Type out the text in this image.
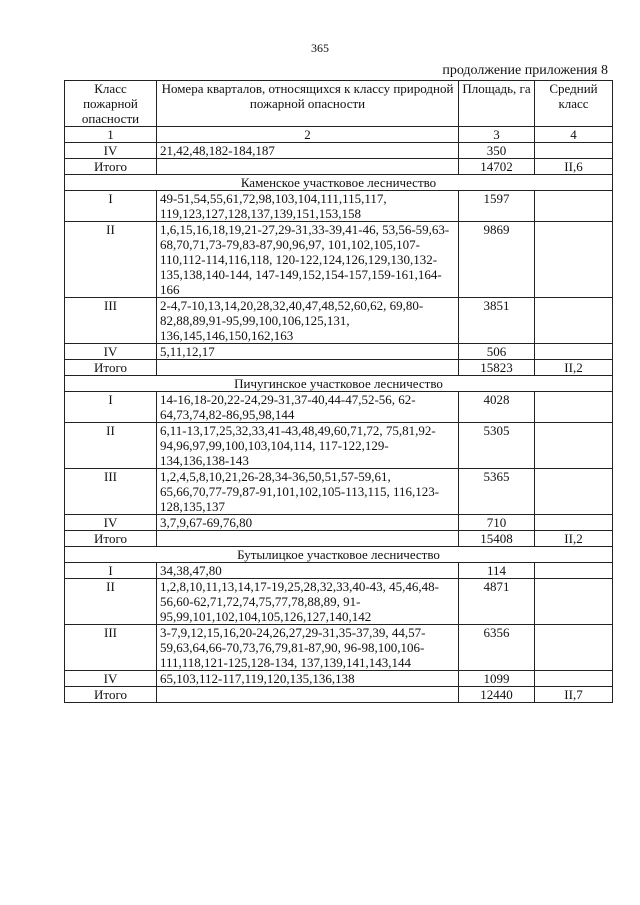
365
продолжение приложения 8
Класс пожарной опасности	Номера кварталов, относящихся к классу природной пожарной опасности	Площадь, га	Средний класс
1	2	3	4
IV	21,42,48,182-184,187	350	
Итого		14702	II,6
Каменское участковое лесничество			
I	49-51,54,55,61,72,98,103,104,111,115,117, 119,123,127,128,137,139,151,153,158	1597	
II	1,6,15,16,18,19,21-27,29-31,33-39,41-46, 53,56-59,63-68,70,71,73-79,83-87,90,96,97, 101,102,105,107-110,112-114,116,118, 120-122,124,126,129,130,132-135,138,140-144, 147-149,152,154-157,159-161,164-166	9869	
III	2-4,7-10,13,14,20,28,32,40,47,48,52,60,62, 69,80-82,88,89,91-95,99,100,106,125,131, 136,145,146,150,162,163	3851	
IV	5,11,12,17	506	
Итого		15823	II,2
Пичугинское участковое лесничество			
I	14-16,18-20,22-24,29-31,37-40,44-47,52-56, 62-64,73,74,82-86,95,98,144	4028	
II	6,11-13,17,25,32,33,41-43,48,49,60,71,72, 75,81,92-94,96,97,99,100,103,104,114, 117-122,129-134,136,138-143	5305	
III	1,2,4,5,8,10,21,26-28,34-36,50,51,57-59,61, 65,66,70,77-79,87-91,101,102,105-113,115, 116,123-128,135,137	5365	
IV	3,7,9,67-69,76,80	710	
Итого		15408	II,2
Бутылицкое участковое лесничество			
I	34,38,47,80	114	
II	1,2,8,10,11,13,14,17-19,25,28,32,33,40-43, 45,46,48-56,60-62,71,72,74,75,77,78,88,89, 91-95,99,101,102,104,105,126,127,140,142	4871	
III	3-7,9,12,15,16,20-24,26,27,29-31,35-37,39, 44,57-59,63,64,66-70,73,76,79,81-87,90, 96-98,100,106-111,118,121-125,128-134, 137,139,141,143,144	6356	
IV	65,103,112-117,119,120,135,136,138	1099	
Итого		12440	II,7
